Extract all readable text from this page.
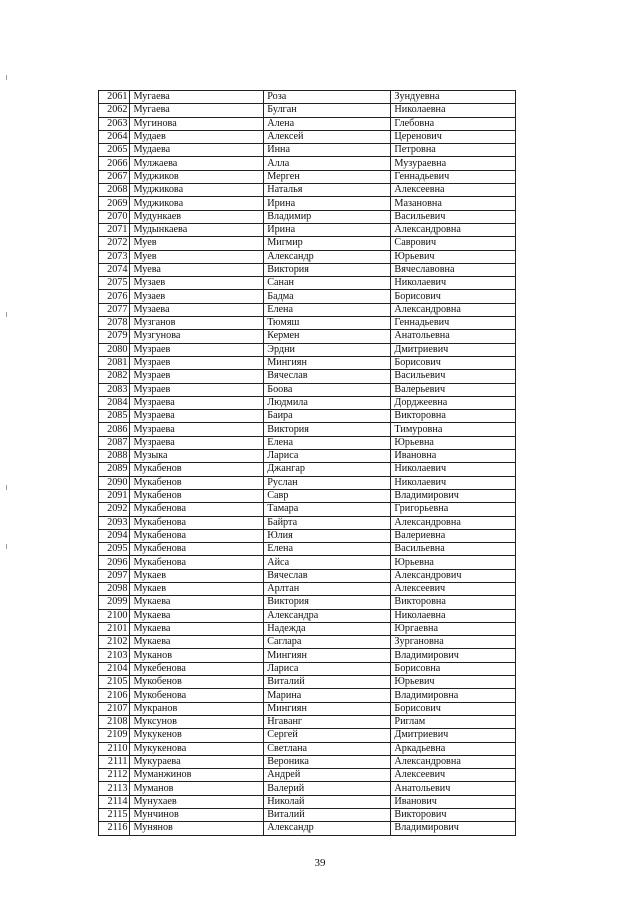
2061	Мугаева	Роза	Зундуевна
2062	Мугаева	Булган	Николаевна
2063	Мугинова	Алена	Глебовна
2064	Мудаев	Алексей	Церенович
2065	Мудаева	Инна	Петровна
2066	Мулжаева	Алла	Музураевна
2067	Муджиков	Мерген	Геннадьевич
2068	Муджикова	Наталья	Алексеевна
2069	Муджикова	Ирина	Мазановна
2070	Мудункаев	Владимир	Васильевич
2071	Мудынкаева	Ирина	Александровна
2072	Муев	Мигмир	Саврович
2073	Муев	Александр	Юрьевич
2074	Муева	Виктория	Вячеславовна
2075	Музаев	Санан	Николаевич
2076	Музаев	Бадма	Борисович
2077	Музаева	Елена	Александровна
2078	Музганов	Тюмяш	Геннадьевич
2079	Музгунова	Кермен	Анатольевна
2080	Музраев	Эрдни	Дмитриевич
2081	Музраев	Мингиян	Борисович
2082	Музраев	Вячеслав	Васильевич
2083	Музраев	Боова	Валерьевич
2084	Музраева	Людмила	Дорджеевна
2085	Музраева	Баира	Викторовна
2086	Музраева	Виктория	Тимуровна
2087	Музраева	Елена	Юрьевна
2088	Музыка	Лариса	Ивановна
2089	Мукабенов	Джангар	Николаевич
2090	Мукабенов	Руслан	Николаевич
2091	Мукабенов	Савр	Владимирович
2092	Мукабенова	Тамара	Григорьевна
2093	Мукабенова	Байрта	Александровна
2094	Мукабенова	Юлия	Валериевна
2095	Мукабенова	Елена	Васильевна
2096	Мукабенова	Айса	Юрьевна
2097	Мукаев	Вячеслав	Александрович
2098	Мукаев	Арлтан	Алексеевич
2099	Мукаева	Виктория	Викторовна
2100	Мукаева	Александра	Николаевна
2101	Мукаева	Надежда	Юргаевна
2102	Мукаева	Саглара	Зургановна
2103	Муканов	Мингиян	Владимирович
2104	Мукебенова	Лариса	Борисовна
2105	Мукобенов	Виталий	Юрьевич
2106	Мукобенова	Марина	Владимировна
2107	Мукранов	Мингиян	Борисович
2108	Муксунов	Нгаванг	Риглам
2109	Мукукенов	Сергей	Дмитриевич
2110	Мукукенова	Светлана	Аркадьевна
2111	Мукураева	Вероника	Александровна
2112	Муманжинов	Андрей	Алексеевич
2113	Муманов	Валерий	Анатольевич
2114	Мунухаев	Николай	Иванович
2115	Мунчинов	Виталий	Викторович
2116	Мунянов	Александр	Владимирович
39
